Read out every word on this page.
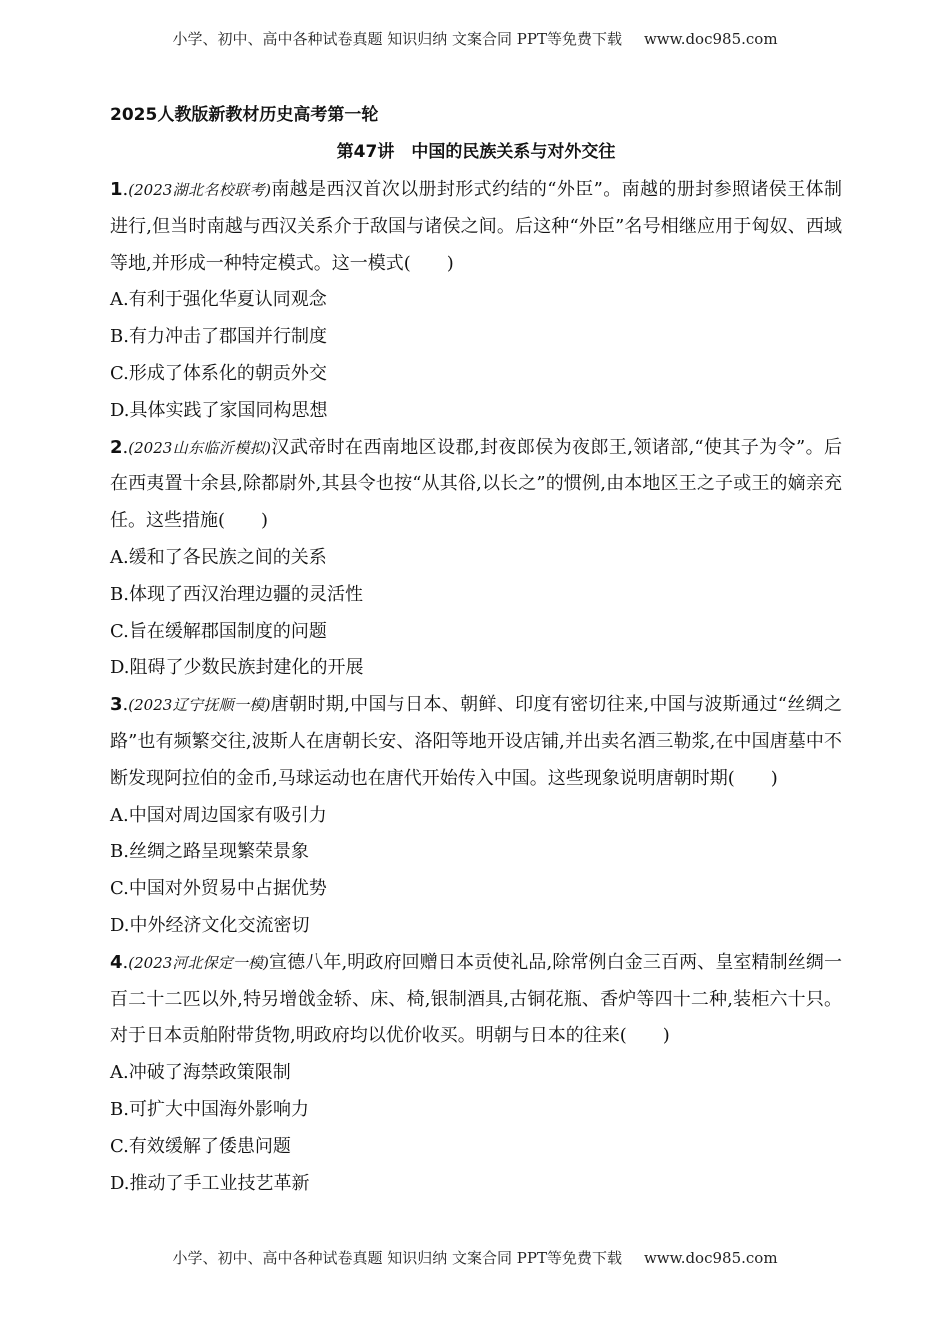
小学、初中、高中各种试卷真题 知识归纳 文案合同 PPT等免费下载 www.doc985.com
2025人教版新教材历史高考第一轮
第47讲　中国的民族关系与对外交往
1.(2023湖北名校联考)南越是西汉首次以册封形式约结的“外臣”。南越的册封参照诸侯王体制进行,但当时南越与西汉关系介于敌国与诸侯之间。后这种“外臣”名号相继应用于匈奴、西域等地,并形成一种特定模式。这一模式(　　)
A.有利于强化华夏认同观念
B.有力冲击了郡国并行制度
C.形成了体系化的朝贡外交
D.具体实践了家国同构思想
2.(2023山东临沂模拟)汉武帝时在西南地区设郡,封夜郎侯为夜郎王,领诸部,“使其子为令”。后在西夷置十余县,除都尉外,其县令也按“从其俗,以长之”的惯例,由本地区王之子或王的嫡亲充任。这些措施(　　)
A.缓和了各民族之间的关系
B.体现了西汉治理边疆的灵活性
C.旨在缓解郡国制度的问题
D.阻碍了少数民族封建化的开展
3.(2023辽宁抚顺一模)唐朝时期,中国与日本、朝鲜、印度有密切往来,中国与波斯通过“丝绸之路”也有频繁交往,波斯人在唐朝长安、洛阳等地开设店铺,并出卖名酒三勒浆,在中国唐墓中不断发现阿拉伯的金币,马球运动也在唐代开始传入中国。这些现象说明唐朝时期(　　)
A.中国对周边国家有吸引力
B.丝绸之路呈现繁荣景象
C.中国对外贸易中占据优势
D.中外经济文化交流密切
4.(2023河北保定一模)宣德八年,明政府回赠日本贡使礼品,除常例白金三百两、皇室精制丝绸一百二十二匹以外,特另增戗金轿、床、椅,银制酒具,古铜花瓶、香炉等四十二种,装柜六十只。对于日本贡舶附带货物,明政府均以优价收买。明朝与日本的往来(　　)
A.冲破了海禁政策限制
B.可扩大中国海外影响力
C.有效缓解了倭患问题
D.推动了手工业技艺革新
小学、初中、高中各种试卷真题 知识归纳 文案合同 PPT等免费下载 www.doc985.com
